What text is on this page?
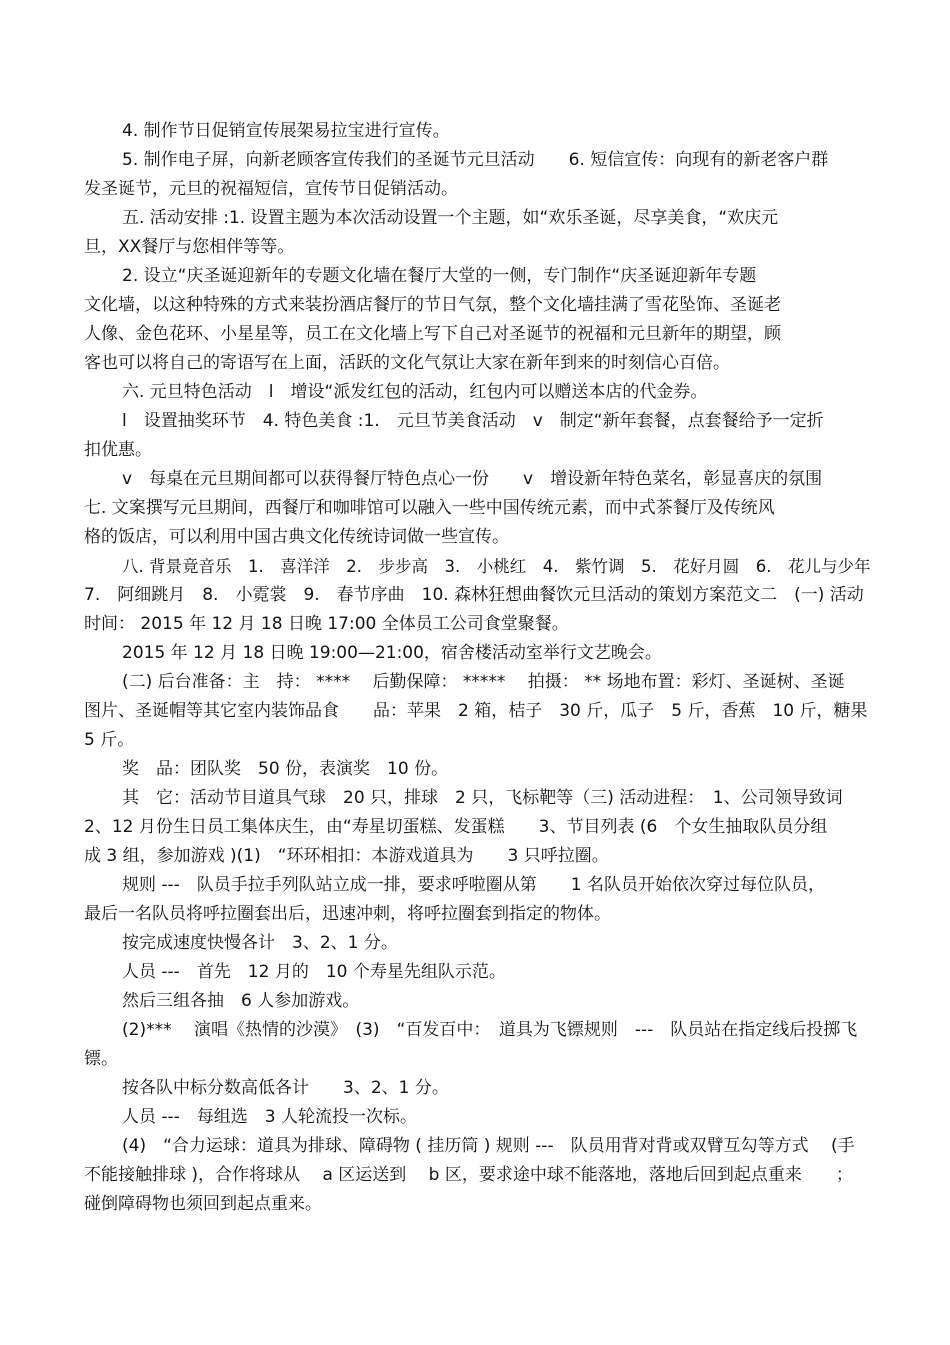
4. 制作节日促销宣传展架易拉宝进行宣传。
5. 制作电子屏，向新老顾客宣传我们的圣诞节元旦活动　　6. 短信宣传：向现有的新老客户群
发圣诞节，元旦的祝福短信，宣传节日促销活动。
五. 活动安排 :1. 设置主题为本次活动设置一个主题，如“欢乐圣诞，尽享美食，“欢庆元
旦，XX餐厅与您相伴等等。
2. 设立“庆圣诞迎新年的专题文化墙在餐厅大堂的一侧，专门制作“庆圣诞迎新年专题
文化墙，以这种特殊的方式来装扮酒店餐厅的节日气氛，整个文化墙挂满了雪花坠饰、圣诞老
人像、金色花环、小星星等，员工在文化墙上写下自己对圣诞节的祝福和元旦新年的期望，顾
客也可以将自己的寄语写在上面，活跃的文化气氛让大家在新年到来的时刻信心百倍。
六. 元旦特色活动　l　增设“派发红包的活动，红包内可以赠送本店的代金券。
l　设置抽奖环节　4. 特色美食 :1.　元旦节美食活动　v　制定“新年套餐，点套餐给予一定折
扣优惠。
v　每桌在元旦期间都可以获得餐厅特色点心一份　　v　增设新年特色菜名，彰显喜庆的氛围
七. 文案撰写元旦期间，西餐厅和咖啡馆可以融入一些中国传统元素，而中式茶餐厅及传统风
格的饭店，可以利用中国古典文化传统诗词做一些宣传。
八. 背景竟音乐　1.　喜洋洋　2.　步步高　3.　小桃红　4.　紫竹调　5.　花好月圆　6.　花儿与少年
7.　阿细跳月　8.　小霓裳　9.　春节序曲　10. 森林狂想曲餐饮元旦活动的策划方案范文二　(一) 活动
时间： 2015 年 12 月 18 日晚 17:00 全体员工公司食堂聚餐。
2015 年 12 月 18 日晚 19:00—21:00，宿舍楼活动室举行文艺晚会。
(二) 后台准备：主　持： ****　 后勤保障： *****　 拍摄： ** 场地布置：彩灯、圣诞树、圣诞
图片、圣诞帽等其它室内装饰品食　　品：苹果　2 箱，桔子　30 斤，瓜子　5 斤，香蕉　10 斤，糖果
5 斤。
奖　品：团队奖　50 份，表演奖　10 份。
其　它：活动节目道具气球　20 只，排球　2 只，飞标靶等（三) 活动进程：　1、公司领导致词
2、12 月份生日员工集体庆生，由“寿星切蛋糕、发蛋糕　　3、节目列表 (6　个女生抽取队员分组
成 3 组，参加游戏 )(1)　“环环相扣：本游戏道具为　　3 只呼拉圈。
规则 ---　队员手拉手列队站立成一排，要求呼啦圈从第　　1 名队员开始依次穿过每位队员，
最后一名队员将呼拉圈套出后，迅速冲刺，将呼拉圈套到指定的物体。
按完成速度快慢各计　3、2、1 分。
人员 ---　首先　12 月的　10 个寿星先组队示范。
然后三组各抽　6 人参加游戏。
(2)***　 演唱《热情的沙漠》　(3)　“百发百中：　道具为飞镖规则　---　队员站在指定线后投掷飞
镖。
按各队中标分数高低各计　　3、2、1 分。
人员 ---　每组选　3 人轮流投一次标。
(4)　“合力运球：道具为排球、障碍物 ( 挂历筒 ) 规则 ---　队员用背对背或双臂互勾等方式　 (手
不能接触排球 )，合作将球从　 a 区运送到　 b 区，要求途中球不能落地，落地后回到起点重来　　；
碰倒障碍物也须回到起点重来。
